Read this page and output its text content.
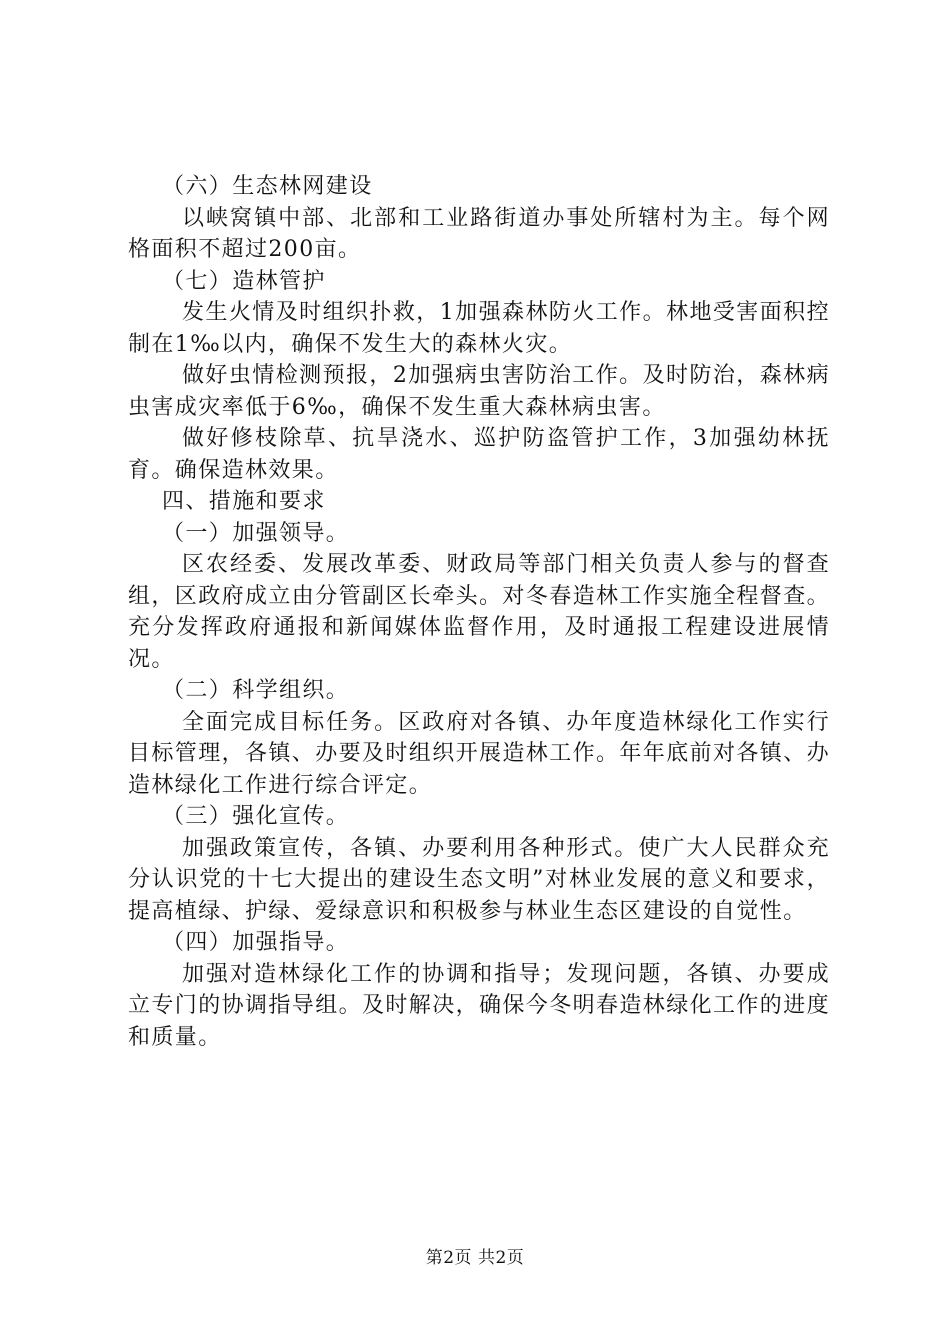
（六）生态林网建设

以峡窝镇中部、北部和工业路街道办事处所辖村为主。每个网格面积不超过200亩。

（七）造林管护

发生火情及时组织扑救，1加强森林防火工作。林地受害面积控制在1‰以内，确保不发生大的森林火灾。

做好虫情检测预报，2加强病虫害防治工作。及时防治，森林病虫害成灾率低于6‰，确保不发生重大森林病虫害。

做好修枝除草、抗旱浇水、巡护防盗管护工作，3加强幼林抚育。确保造林效果。

四、措施和要求

（一）加强领导。

区农经委、发展改革委、财政局等部门相关负责人参与的督查组，区政府成立由分管副区长牵头。对冬春造林工作实施全程督查。充分发挥政府通报和新闻媒体监督作用，及时通报工程建设进展情况。

（二）科学组织。

全面完成目标任务。区政府对各镇、办年度造林绿化工作实行目标管理，各镇、办要及时组织开展造林工作。年年底前对各镇、办造林绿化工作进行综合评定。

（三）强化宣传。

加强政策宣传，各镇、办要利用各种形式。使广大人民群众充分认识党的十七大提出的建设生态文明”对林业发展的意义和要求，提高植绿、护绿、爱绿意识和积极参与林业生态区建设的自觉性。

（四）加强指导。

加强对造林绿化工作的协调和指导；发现问题，各镇、办要成立专门的协调指导组。及时解决，确保今冬明春造林绿化工作的进度和质量。

第2页 共2页
